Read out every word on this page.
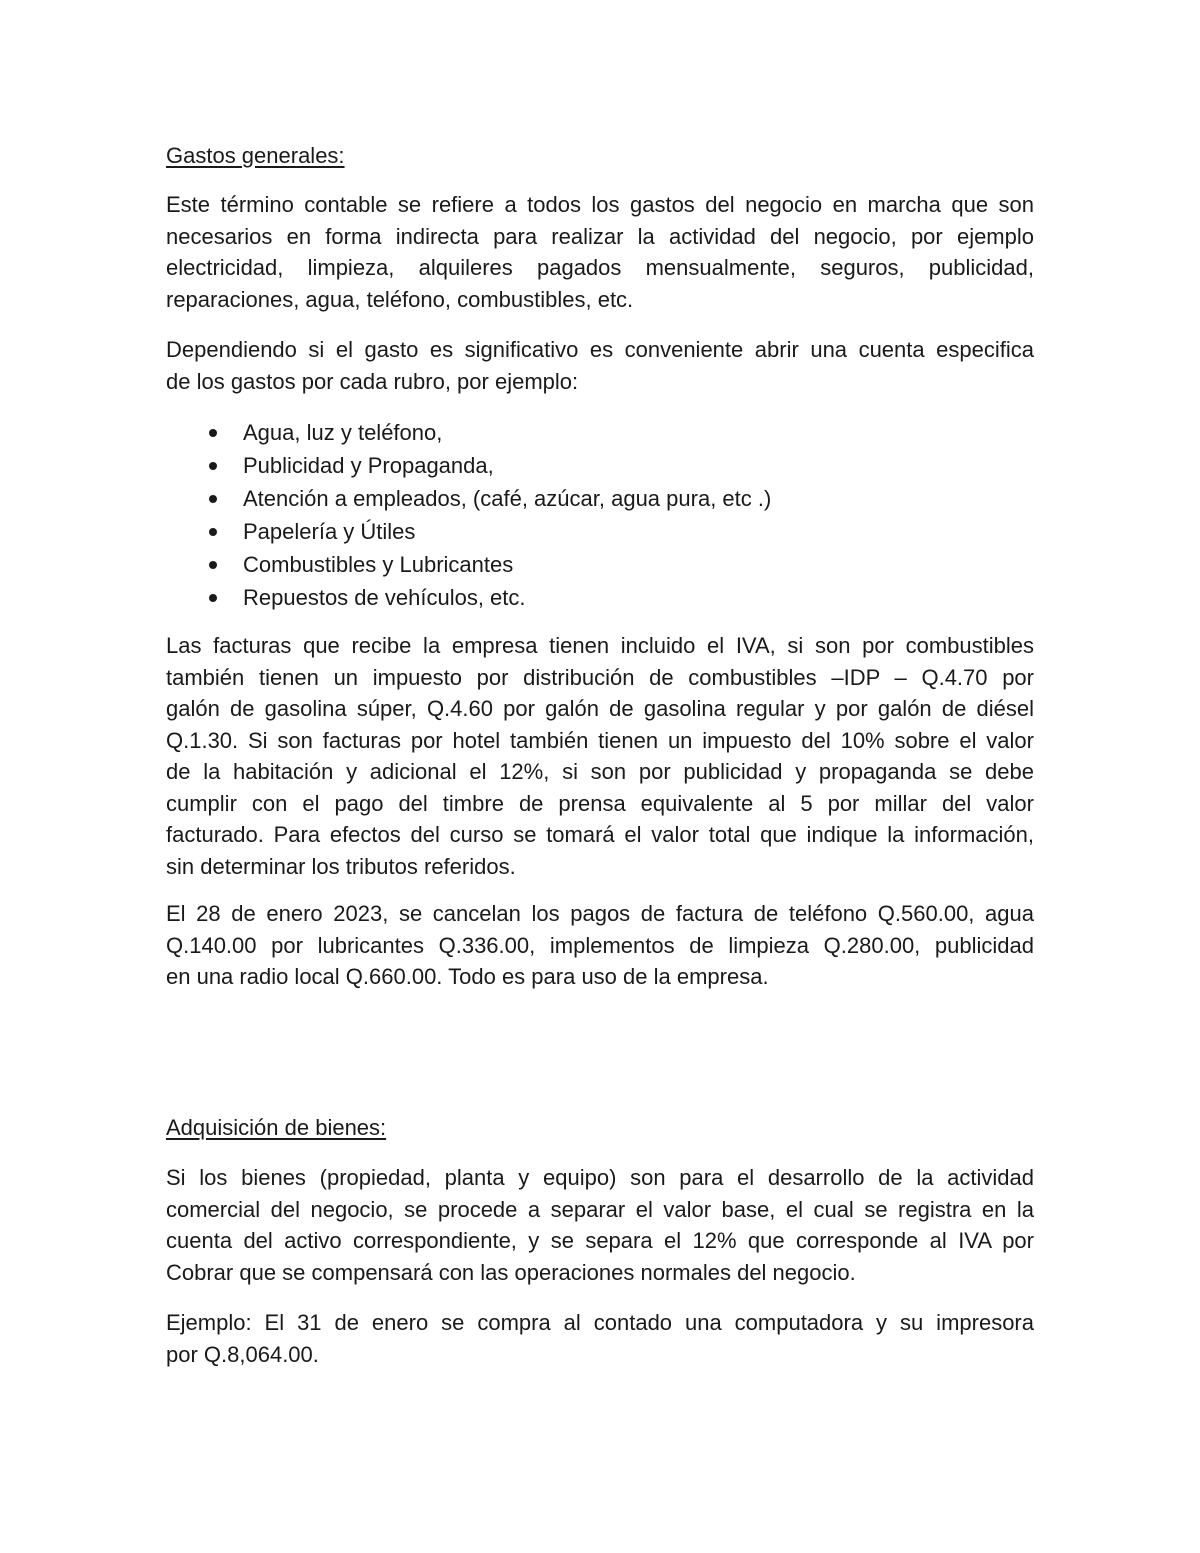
Gastos generales:

Este término contable se refiere a todos los gastos del negocio en marcha que son
necesarios en forma indirecta para realizar la actividad del negocio, por ejemplo
electricidad, limpieza, alquileres pagados mensualmente, seguros, publicidad,
reparaciones, agua, teléfono, combustibles, etc.

Dependiendo si el gasto es significativo es conveniente abrir una cuenta especifica
de los gastos por cada rubro, por ejemplo:

Agua, luz y teléfono,
Publicidad y Propaganda,
Atención a empleados, (café, azúcar, agua pura, etc .)
Papelería y Útiles
Combustibles y Lubricantes
Repuestos de vehículos, etc.

Las facturas que recibe la empresa tienen incluido el IVA, si son por combustibles
también tienen un impuesto por distribución de combustibles –IDP – Q.4.70 por
galón de gasolina súper, Q.4.60 por galón de gasolina regular y por galón de diésel
Q.1.30. Si son facturas por hotel también tienen un impuesto del 10% sobre el valor
de la habitación y adicional el 12%, si son por publicidad y propaganda se debe
cumplir con el pago del timbre de prensa equivalente al 5 por millar del valor
facturado. Para efectos del curso se tomará el valor total que indique la información,
sin determinar los tributos referidos.

El 28 de enero 2023, se cancelan los pagos de factura de teléfono Q.560.00, agua
Q.140.00 por lubricantes Q.336.00, implementos de limpieza Q.280.00, publicidad
en una radio local Q.660.00. Todo es para uso de la empresa.

Adquisición de bienes:

Si los bienes (propiedad, planta y equipo) son para el desarrollo de la actividad
comercial del negocio, se procede a separar el valor base, el cual se registra en la
cuenta del activo correspondiente, y se separa el 12% que corresponde al IVA por
Cobrar que se compensará con las operaciones normales del negocio.

Ejemplo: El 31 de enero se compra al contado una computadora y su impresora
por Q.8,064.00.
